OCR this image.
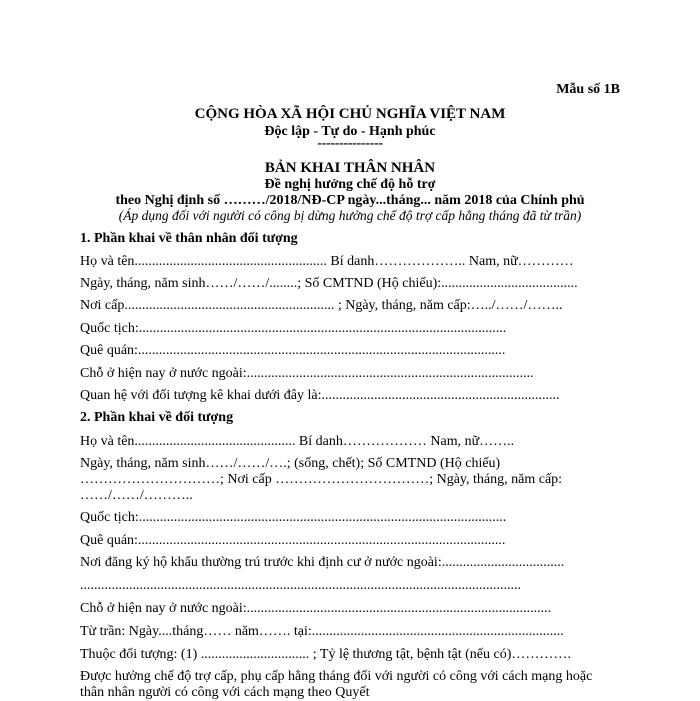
Mẫu số 1B
CỘNG HÒA XÃ HỘI CHỦ NGHĨA VIỆT NAM
Độc lập - Tự do - Hạnh phúc
---------------
BẢN KHAI THÂN NHÂN
Đề nghị hưởng chế độ hỗ trợ
theo Nghị định số ………/2018/NĐ-CP ngày...tháng... năm 2018 của Chính phủ
(Áp dụng đối với người có công bị dừng hưởng chế độ trợ cấp hằng tháng đã từ trần)
1. Phần khai về thân nhân đối tượng
Họ và tên....................................................... Bí danh……………….. Nam, nữ…………
Ngày, tháng, năm sinh……/……/........; Số CMTND (Hộ chiếu):.......................................
Nơi cấp............................................................ ; Ngày, tháng, năm cấp:…../……/……..
Quốc tịch:.........................................................................................................
Quê quán:.........................................................................................................
Chỗ ở hiện nay ở nước ngoài:..................................................................................
Quan hệ với đối tượng kê khai dưới đây là:....................................................................
2. Phần khai về đối tượng
Họ và tên.............................................. Bí danh……………… Nam, nữ……..
Ngày, tháng, năm sinh……/……/….; (sống, chết); Số CMTND (Hộ chiếu) …………………………; Nơi cấp ……………………………; Ngày, tháng, năm cấp: ……/……/………..
Quốc tịch:.........................................................................................................
Quê quán:.........................................................................................................
Nơi đăng ký hộ khẩu thường trú trước khi định cư ở nước ngoài:...................................
..............................................................................................................................
Chỗ ở hiện nay ở nước ngoài:.......................................................................................
Từ trần: Ngày....tháng…… năm……. tại:........................................................................
Thuộc đối tượng: (1) ............................... ; Tỷ lệ thương tật, bệnh tật (nếu có)………….
Được hưởng chế độ trợ cấp, phụ cấp hằng tháng đối với người có công với cách mạng hoặc thân nhân người có công với cách mạng theo Quyết
